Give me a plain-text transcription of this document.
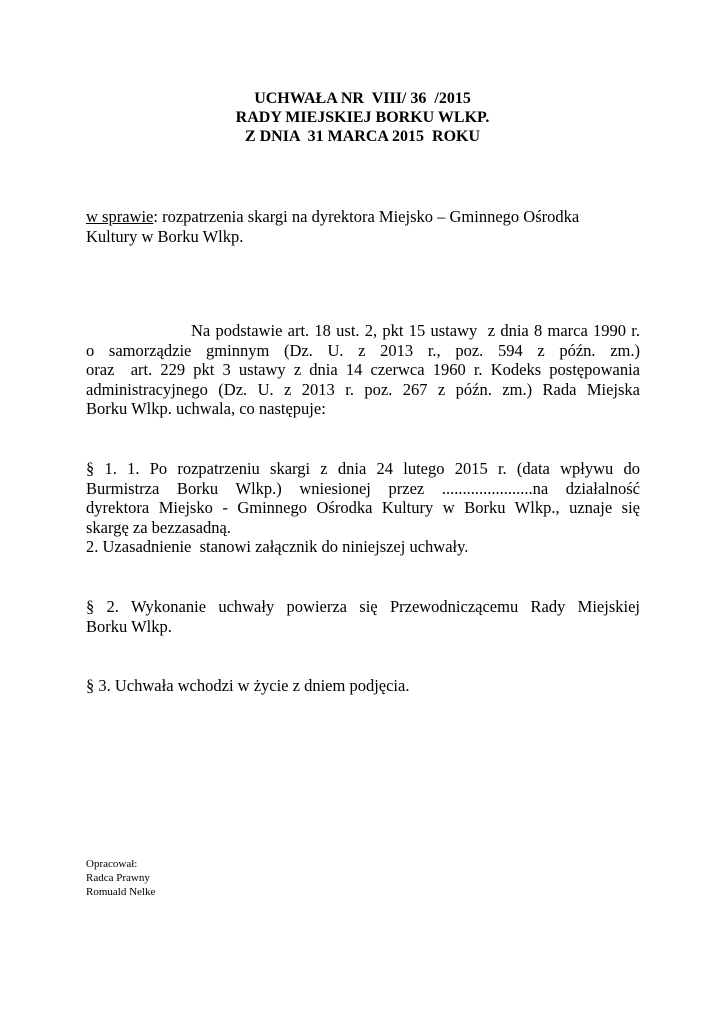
UCHWAŁA NR  VIII/ 36  /2015
RADY MIEJSKIEJ BORKU WLKP.
Z DNIA  31 MARCA 2015  ROKU
w sprawie: rozpatrzenia skargi na dyrektora Miejsko – Gminnego Ośrodka
Kultury w Borku Wlkp.
Na podstawie art. 18 ust. 2, pkt 15 ustawy  z dnia 8 marca 1990 r.
o samorządzie gminnym (Dz. U. z 2013 r., poz. 594 z późn. zm.)
oraz  art. 229 pkt 3 ustawy z dnia 14 czerwca 1960 r. Kodeks postępowania
administracyjnego (Dz. U. z 2013 r. poz. 267 z późn. zm.) Rada Miejska
Borku Wlkp. uchwala, co następuje:
§ 1. 1. Po rozpatrzeniu skargi z dnia 24 lutego 2015 r. (data wpływu do
Burmistrza Borku Wlkp.) wniesionej przez ......................na działalność
dyrektora Miejsko - Gminnego Ośrodka Kultury w Borku Wlkp., uznaje się
skargę za bezzasadną.
2. Uzasadnienie  stanowi załącznik do niniejszej uchwały.
§ 2. Wykonanie uchwały powierza się Przewodniczącemu Rady Miejskiej
Borku Wlkp.
§ 3. Uchwała wchodzi w życie z dniem podjęcia.
Opracował:
Radca Prawny
Romuald Nelke
